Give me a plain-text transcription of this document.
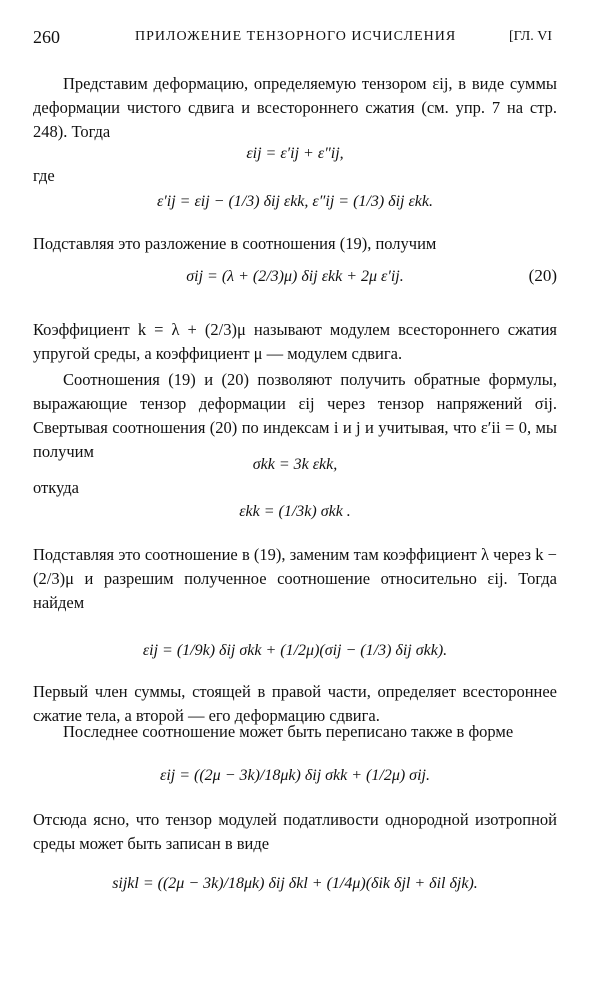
260	ПРИЛОЖЕНИЕ ТЕНЗОРНОГО ИСЧИСЛЕНИЯ	[ГЛ. VI
Представим деформацию, определяемую тензором εij, в виде суммы деформации чистого сдвига и всестороннего сжатия (см. упр. 7 на стр. 248). Тогда
εij = ε′ij + ε″ij,
где
ε′ij = εij − (1/3) δij εkk, ε″ij = (1/3) δij εkk.
Подставляя это разложение в соотношения (19), получим
σij = (λ + (2/3)μ) δij εkk + 2μ ε′ij.	(20)
Коэффициент k = λ + (2/3)μ называют модулем всестороннего сжатия упругой среды, а коэффициент μ — модулем сдвига.
Соотношения (19) и (20) позволяют получить обратные формулы, выражающие тензор деформации εij через тензор напряжений σij. Свертывая соотношения (20) по индексам i и j и учитывая, что ε′ii = 0, мы получим
σkk = 3k εkk,
откуда
εkk = (1/3k) σkk .
Подставляя это соотношение в (19), заменим там коэффициент λ через k − (2/3)μ и разрешим полученное соотношение относительно εij. Тогда найдем
εij = (1/9k) δij σkk + (1/2μ)(σij − (1/3) δij σkk).
Первый член суммы, стоящей в правой части, определяет всестороннее сжатие тела, а второй — его деформацию сдвига.
Последнее соотношение может быть переписано также в форме
εij = ((2μ − 3k)/18μk) δij σkk + (1/2μ) σij.
Отсюда ясно, что тензор модулей податливости однородной изотропной среды может быть записан в виде
sijkl = ((2μ − 3k)/18μk) δij δkl + (1/4μ)(δik δjl + δil δjk).
